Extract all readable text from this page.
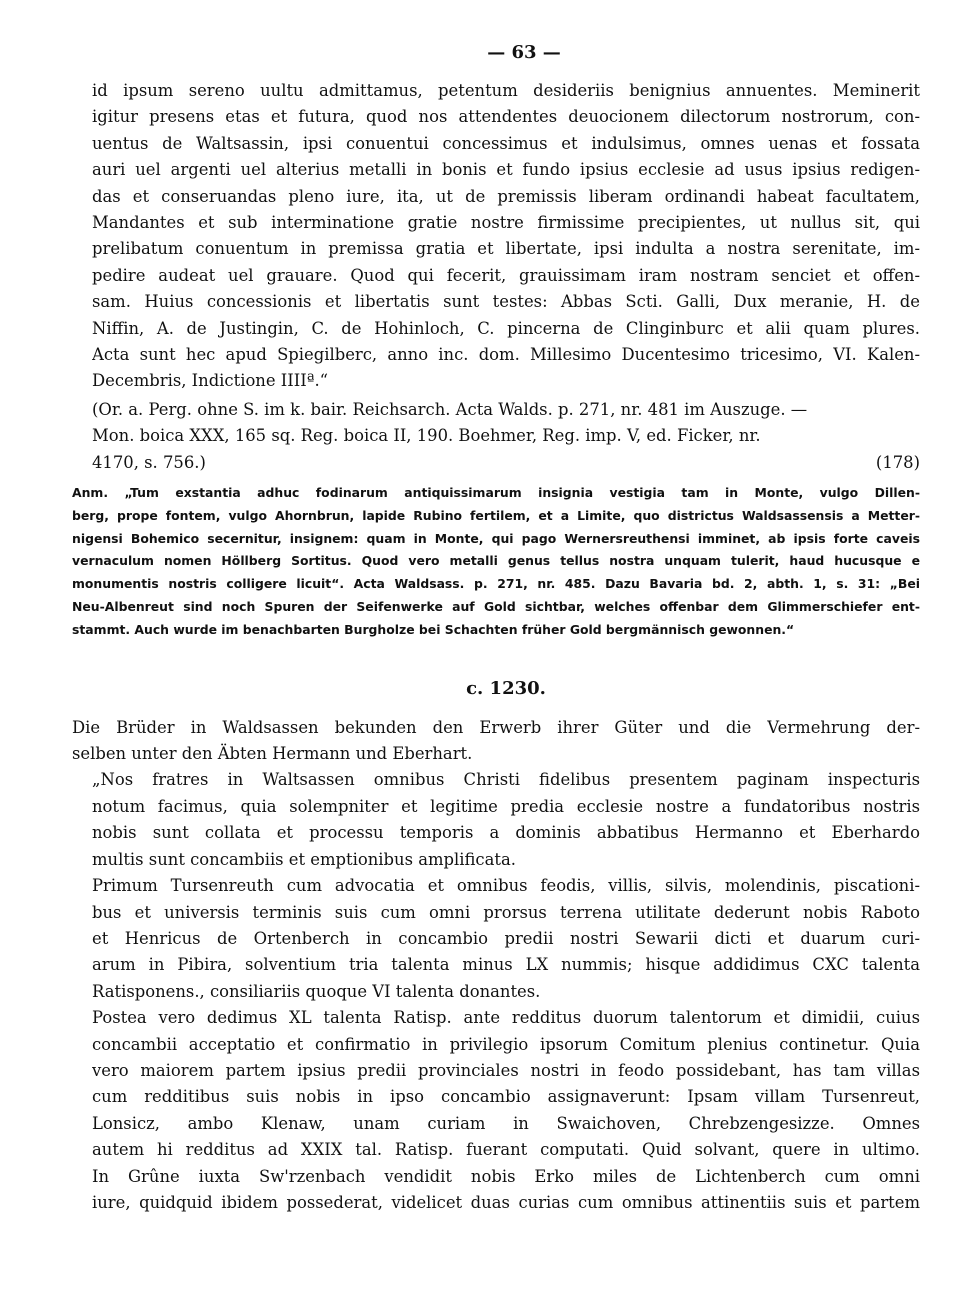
— 63 —
id ipsum sereno uultu admittamus, petentum desideriis benignius annuentes. Meminerit
igitur presens etas et futura, quod nos attendentes deuocionem dilectorum nostrorum, con-
uentus de Waltsassin, ipsi conuentui concessimus et indulsimus, omnes uenas et fossata
auri uel argenti uel alterius metalli in bonis et fundo ipsius ecclesie ad usus ipsius redigen-
das et conseruandas pleno iure, ita, ut de premissis liberam ordinandi habeat facultatem,
Mandantes et sub interminatione gratie nostre firmissime precipientes, ut nullus sit, qui
prelibatum conuentum in premissa gratia et libertate, ipsi indulta a nostra serenitate, im-
pedire audeat uel grauare. Quod qui fecerit, grauissimam iram nostram senciet et offen-
sam. Huius concessionis et libertatis sunt testes: Abbas Scti. Galli, Dux meranie, H. de
Niffin, A. de Justingin, C. de Hohinloch, C. pincerna de Clinginburc et alii quam plures.
Acta sunt hec apud Spiegilberc, anno inc. dom. Millesimo Ducentesimo tricesimo, VI. Kalen-
Decembris, Indictione IIIIª.“
(Or. a. Perg. ohne S. im k. bair. Reichsarch. Acta Walds. p. 271, nr. 481 im Auszuge. —
Mon. boica XXX, 165 sq. Reg. boica II, 190. Boehmer, Reg. imp. V, ed. Ficker, nr.
4170, s. 756.)	(178)
Anm. „Tum exstantia adhuc fodinarum antiquissimarum insignia vestigia tam in Monte, vulgo Dillen-
berg, prope fontem, vulgo Ahornbrun, lapide Rubino fertilem, et a Limite, quo districtus Waldsassensis a Metter-
nigensi Bohemico secernitur, insignem: quam in Monte, qui pago Wernersreuthensi imminet, ab ipsis forte caveis
vernaculum nomen Höllberg Sortitus. Quod vero metalli genus tellus nostra unquam tulerit, haud hucusque e
monumentis nostris colligere licuit“. Acta Waldsass. p. 271, nr. 485. Dazu Bavaria bd. 2, abth. 1, s. 31: „Bei
Neu-Albenreut sind noch Spuren der Seifenwerke auf Gold sichtbar, welches offenbar dem Glimmerschiefer ent-
stammt. Auch wurde im benachbarten Burgholze bei Schachten früher Gold bergmännisch gewonnen.“
c. 1230.
Die Brüder in Waldsassen bekunden den Erwerb ihrer Güter und die Vermehrung der-
selben unter den Äbten Hermann und Eberhart.
„Nos fratres in Waltsassen omnibus Christi fidelibus presentem paginam inspecturis
notum facimus, quia solempniter et legitime predia ecclesie nostre a fundatoribus nostris
nobis sunt collata et processu temporis a dominis abbatibus Hermanno et Eberhardo
multis sunt concambiis et emptionibus amplificata.
Primum Tursenreuth cum advocatia et omnibus feodis, villis, silvis, molendinis, piscationi-
bus et universis terminis suis cum omni prorsus terrena utilitate dederunt nobis Raboto
et Henricus de Ortenberch in concambio predii nostri Sewarii dicti et duarum curi-
arum in Pibira, solventium tria talenta minus LX nummis; hisque addidimus CXC talenta
Ratisponens., consiliariis quoque VI talenta donantes.
Postea vero dedimus XL talenta Ratisp. ante redditus duorum talentorum et dimidii, cuius
concambii acceptatio et confirmatio in privilegio ipsorum Comitum plenius continetur. Quia
vero maiorem partem ipsius predii provinciales nostri in feodo possidebant, has tam villas
cum redditibus suis nobis in ipso concambio assignaverunt: Ipsam villam Tursenreut,
Lonsicz, ambo Klenaw, unam curiam in Swaichoven, Chrebzengesizze. Omnes
autem hi redditus ad XXIX tal. Ratisp. fuerant computati. Quid solvant, quere in ultimo.
In Grûne iuxta Sw'rzenbach vendidit nobis Erko miles de Lichtenberch cum omni
iure, quidquid ibidem possederat, videlicet duas curias cum omnibus attinentiis suis et partem
